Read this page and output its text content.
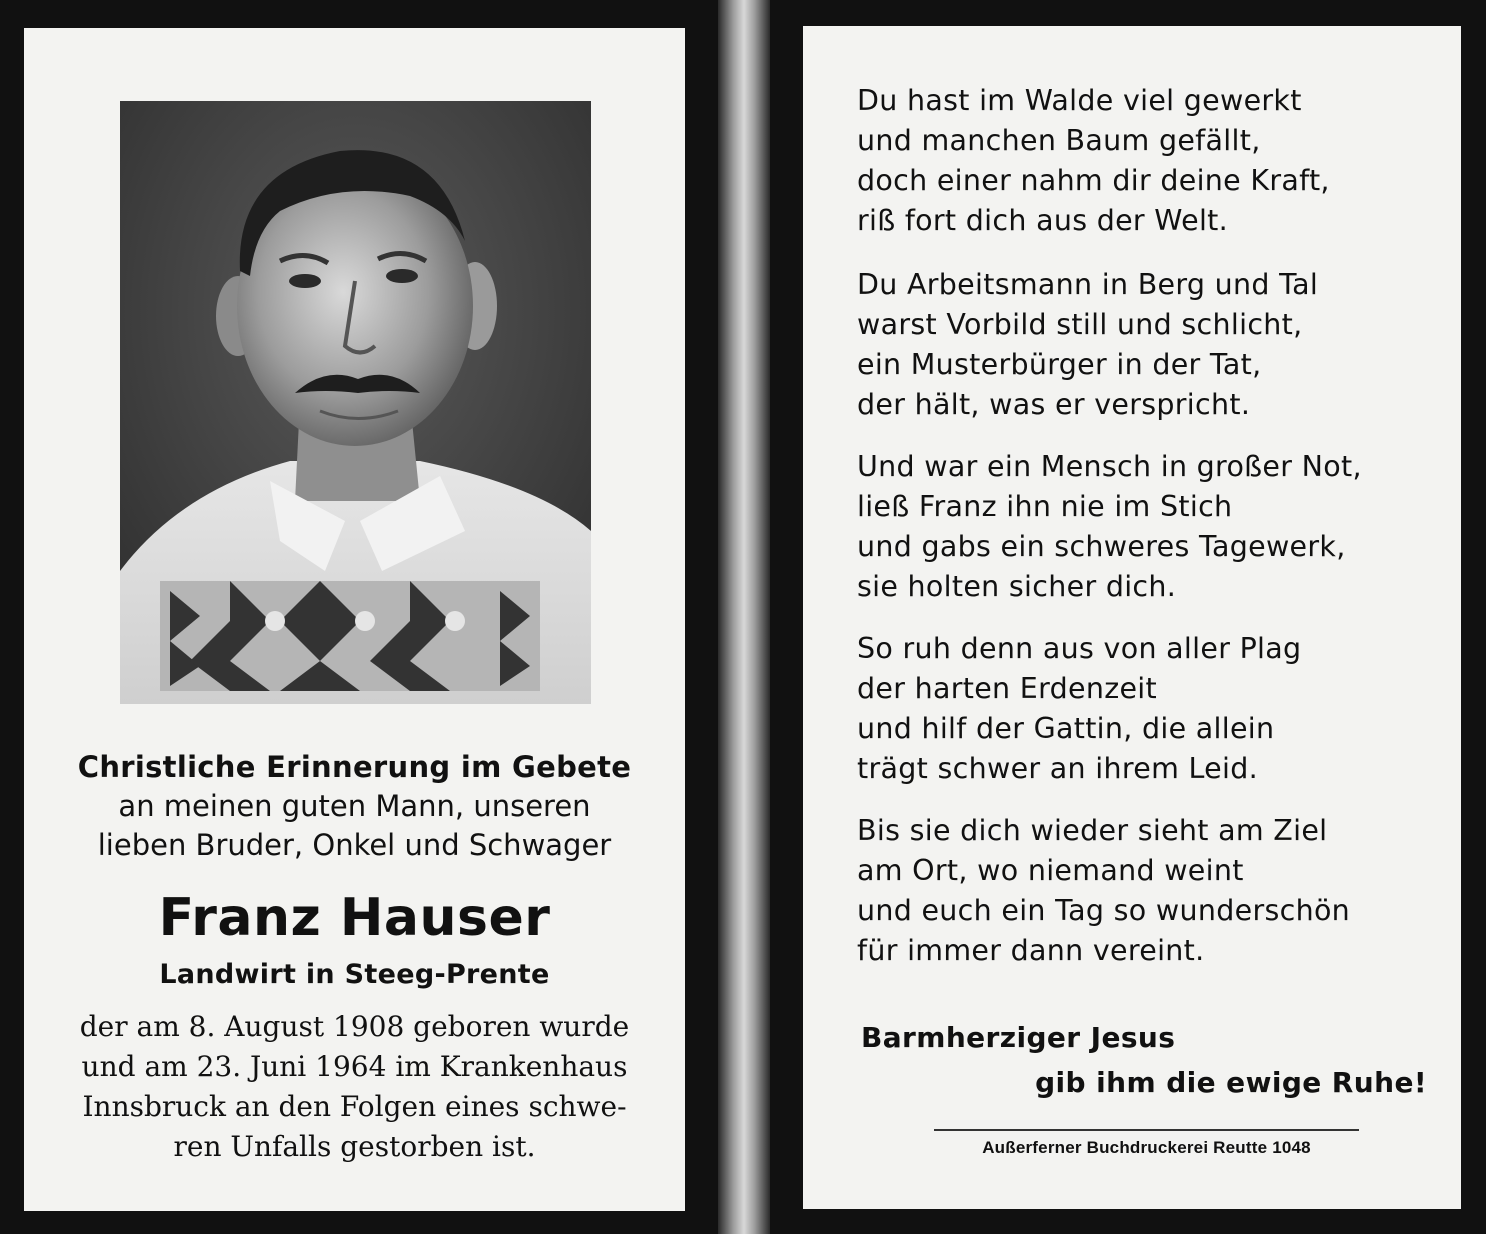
Christliche Erinnerung im Gebete
an meinen guten Mann, unseren
lieben Bruder, Onkel und Schwager
Franz Hauser
Landwirt in Steeg-Prente
der am 8. August 1908 geboren wurde
und am 23. Juni 1964 im Krankenhaus
Innsbruck an den Folgen eines schwe-
ren Unfalls gestorben ist.
Du hast im Walde viel gewerkt
und manchen Baum gefällt,
doch einer nahm dir deine Kraft,
riß fort dich aus der Welt.
Du Arbeitsmann in Berg und Tal
warst Vorbild still und schlicht,
ein Musterbürger in der Tat,
der hält, was er verspricht.
Und war ein Mensch in großer Not,
ließ Franz ihn nie im Stich
und gabs ein schweres Tagewerk,
sie holten sicher dich.
So ruh denn aus von aller Plag
der harten Erdenzeit
und hilf der Gattin, die allein
trägt schwer an ihrem Leid.
Bis sie dich wieder sieht am Ziel
am Ort, wo niemand weint
und euch ein Tag so wunderschön
für immer dann vereint.
Barmherziger Jesus
gib ihm die ewige Ruhe!
Außerferner Buchdruckerei Reutte 1048
